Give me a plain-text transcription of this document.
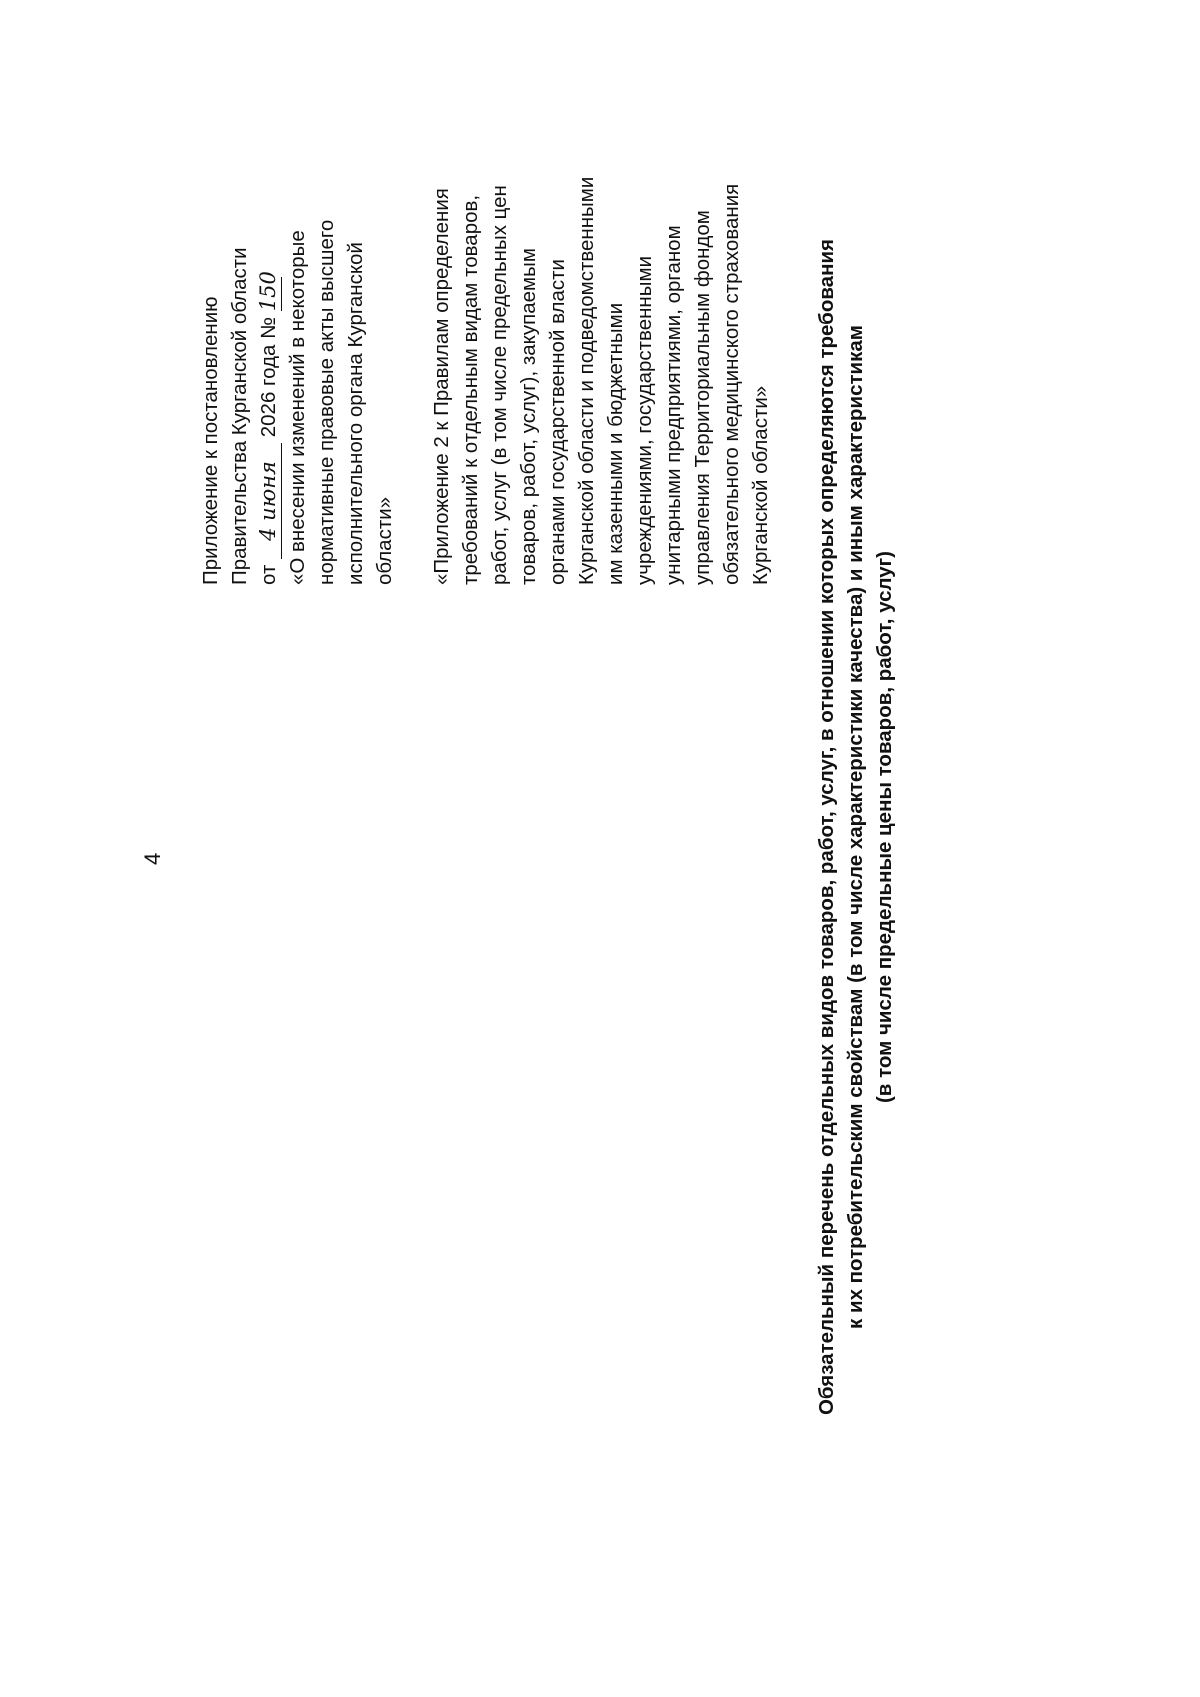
4
Приложение к постановлению Правительства Курганской области от 4 июня 2026 года № 150 «О внесении изменений в некоторые нормативные правовые акты высшего исполнительного органа Курганской области» «Приложение 2 к Правилам определения требований к отдельным видам товаров, работ, услуг (в том числе предельных цен товаров, работ, услуг), закупаемым органами государственной власти Курганской области и подведомственными им казенными и бюджетными учреждениями, государственными унитарными предприятиями, органом управления Территориальным фондом обязательного медицинского страхования Курганской области» Обязательный перечень отдельных видов товаров, работ, услуг, в отношении которых определяются требования к их потребительским свойствам (в том числе характеристики качества) и иным характеристикам (в том числе предельные цены товаров, работ, услуг)
